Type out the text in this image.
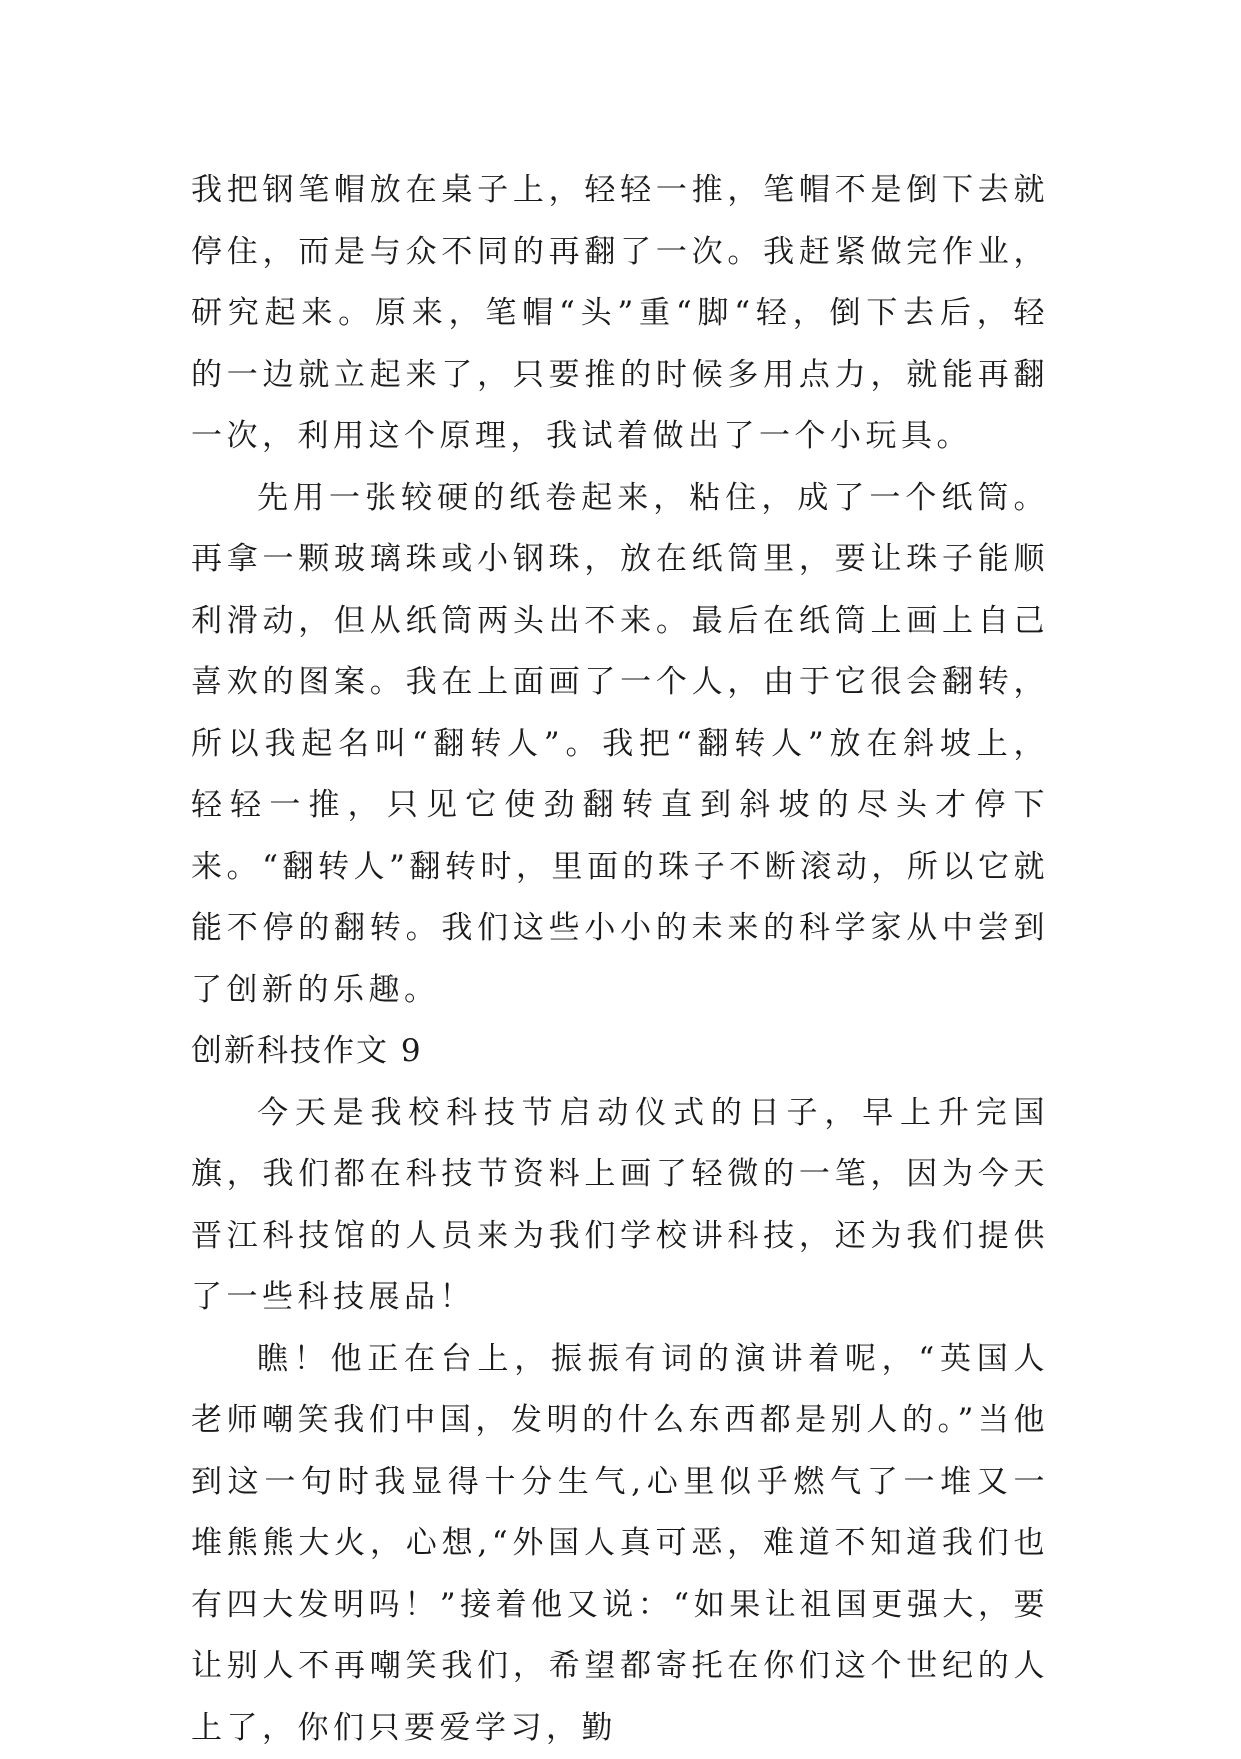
我把钢笔帽放在桌子上，轻轻一推，笔帽不是倒下去就停住，而是与众不同的再翻了一次。我赶紧做完作业，研究起来。原来，笔帽“头”重“脚“轻，倒下去后，轻的一边就立起来了，只要推的时候多用点力，就能再翻一次，利用这个原理，我试着做出了一个小玩具。

先用一张较硬的纸卷起来，粘住，成了一个纸筒。再拿一颗玻璃珠或小钢珠，放在纸筒里，要让珠子能顺利滑动，但从纸筒两头出不来。最后在纸筒上画上自己喜欢的图案。我在上面画了一个人，由于它很会翻转，所以我起名叫“翻转人”。我把“翻转人”放在斜坡上，轻轻一推，只见它使劲翻转直到斜坡的尽头才停下来。“翻转人”翻转时，里面的珠子不断滚动，所以它就能不停的翻转。我们这些小小的未来的科学家从中尝到了创新的乐趣。

创新科技作文 9

今天是我校科技节启动仪式的日子，早上升完国旗，我们都在科技节资料上画了轻微的一笔，因为今天晋江科技馆的人员来为我们学校讲科技，还为我们提供了一些科技展品！

瞧！他正在台上，振振有词的演讲着呢，“英国人老师嘲笑我们中国，发明的什么东西都是别人的。”当他到这一句时我显得十分生气,心里似乎燃气了一堆又一堆熊熊大火，心想,“外国人真可恶，难道不知道我们也有四大发明吗！”接着他又说：“如果让祖国更强大，要让别人不再嘲笑我们，希望都寄托在你们这个世纪的人上了，你们只要爱学习，勤
